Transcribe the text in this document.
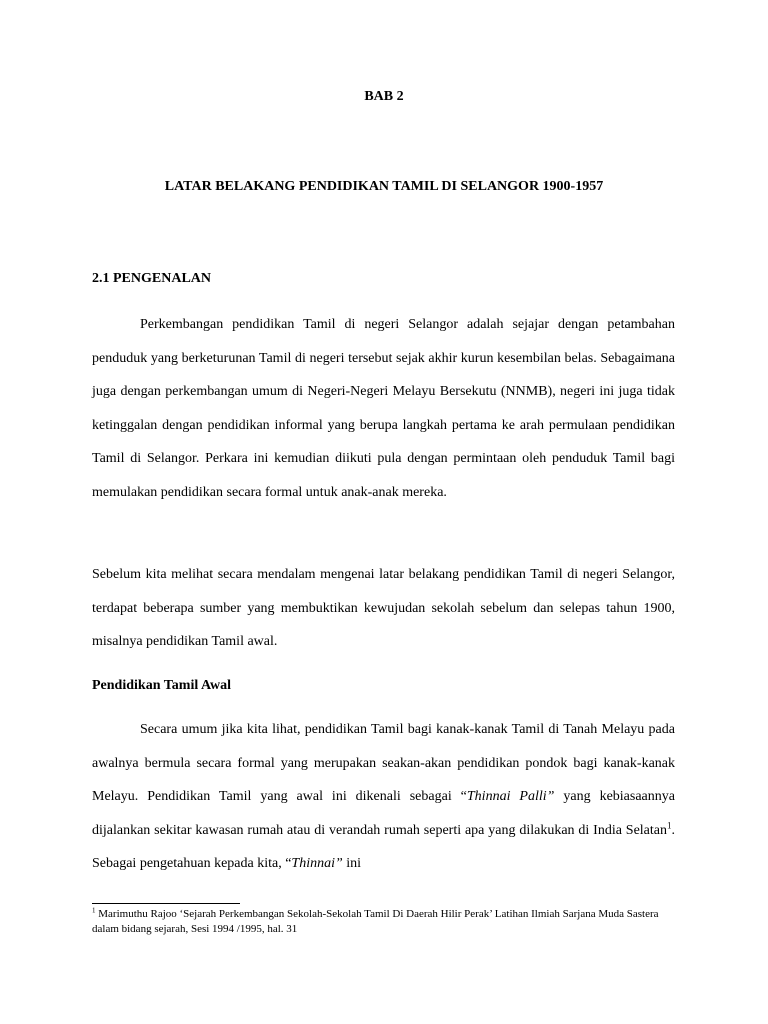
BAB 2
LATAR BELAKANG PENDIDIKAN TAMIL DI SELANGOR 1900-1957
2.1 PENGENALAN

Perkembangan pendidikan Tamil di negeri Selangor adalah sejajar dengan petambahan penduduk yang berketurunan Tamil di negeri tersebut sejak akhir kurun kesembilan belas. Sebagaimana juga dengan perkembangan umum di Negeri-Negeri Melayu Bersekutu (NNMB), negeri ini juga tidak ketinggalan dengan pendidikan informal yang berupa langkah pertama ke arah permulaan pendidikan Tamil di Selangor. Perkara ini kemudian diikuti pula dengan permintaan oleh penduduk Tamil bagi memulakan pendidikan secara formal untuk anak-anak mereka.

Sebelum kita melihat secara mendalam mengenai latar belakang pendidikan Tamil di negeri Selangor, terdapat beberapa sumber yang membuktikan kewujudan sekolah sebelum dan selepas tahun 1900, misalnya pendidikan Tamil awal.

Pendidikan Tamil Awal

Secara umum jika kita lihat, pendidikan Tamil bagi kanak-kanak Tamil di Tanah Melayu pada awalnya bermula secara formal yang merupakan seakan-akan pendidikan pondok bagi kanak-kanak Melayu. Pendidikan Tamil yang awal ini dikenali sebagai “Thinnai Palli” yang kebiasaannya dijalankan sekitar kawasan rumah atau di verandah rumah seperti apa yang dilakukan di India Selatan$^1$. Sebagai pengetahuan kepada kita, “Thinnai” ini

$^1$ Marimuthu Rajoo ‘Sejarah Perkembangan Sekolah-Sekolah Tamil Di Daerah Hilir Perak’ Latihan Ilmiah Sarjana Muda Sastera dalam bidang sejarah, Sesi 1994 /1995, hal. 31
